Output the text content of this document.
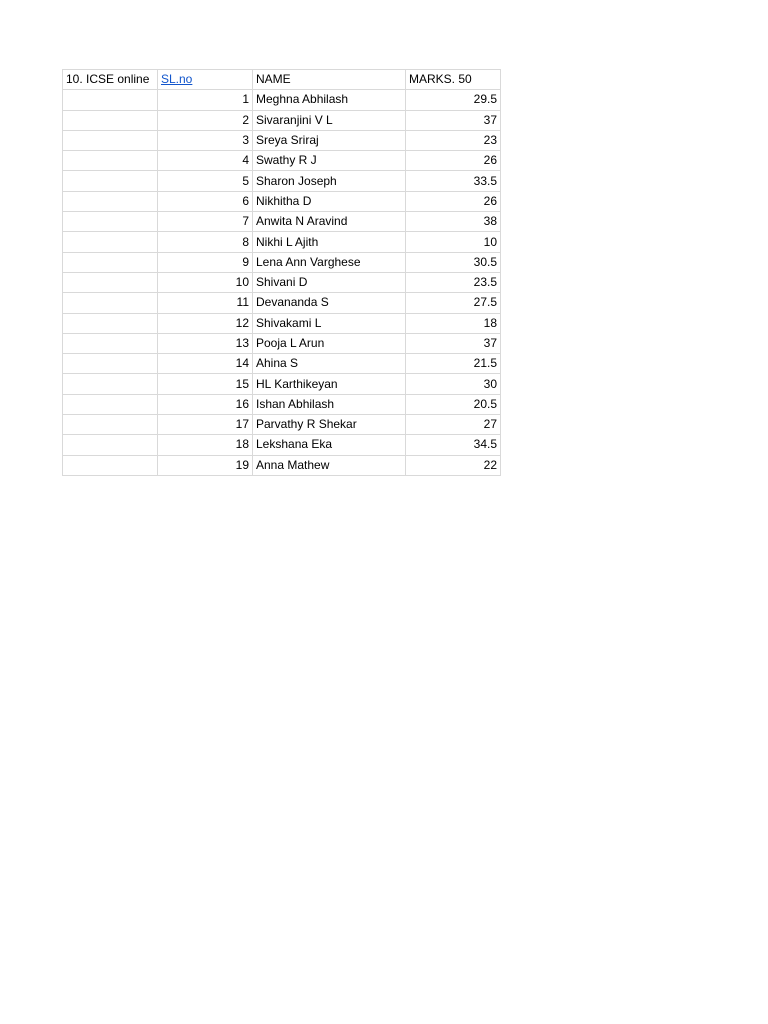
10. ICSE online	SL.no	NAME	MARKS. 50
	1	Meghna Abhilash	29.5
	2	Sivaranjini V L	37
	3	Sreya Sriraj	23
	4	Swathy R J	26
	5	Sharon Joseph	33.5
	6	Nikhitha D	26
	7	Anwita N Aravind	38
	8	Nikhi L Ajith	10
	9	Lena Ann Varghese	30.5
	10	Shivani D	23.5
	11	Devananda S	27.5
	12	Shivakami L	18
	13	Pooja L Arun	37
	14	Ahina S	21.5
	15	HL Karthikeyan	30
	16	Ishan Abhilash	20.5
	17	Parvathy R Shekar	27
	18	Lekshana Eka	34.5
	19	Anna Mathew	22
